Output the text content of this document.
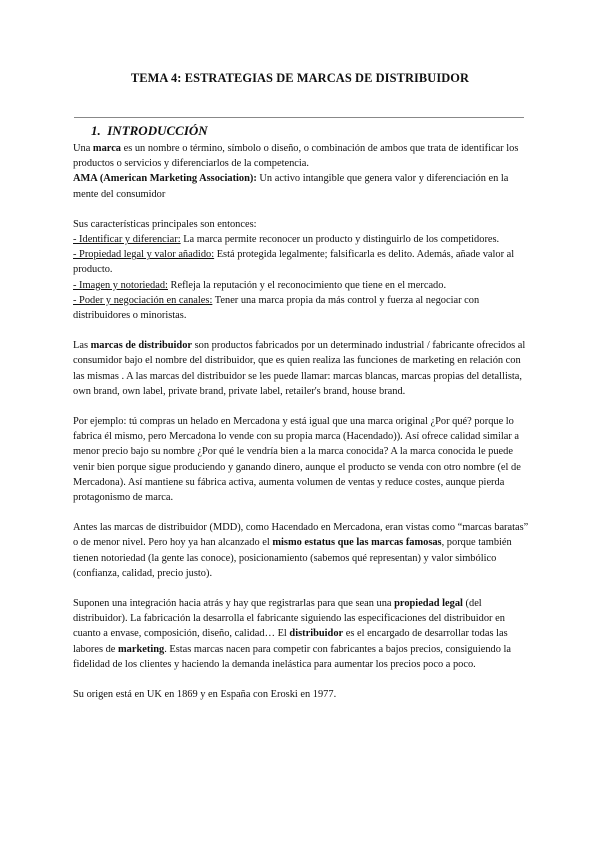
TEMA 4: ESTRATEGIAS DE MARCAS DE DISTRIBUIDOR
1. INTRODUCCIÓN

Una marca es un nombre o término, símbolo o diseño, o combinación de ambos que trata de identificar los productos o servicios y diferenciarlos de la competencia.

AMA (American Marketing Association): Un activo intangible que genera valor y diferenciación en la mente del consumidor

Sus características principales son entonces:

- Identificar y diferenciar: La marca permite reconocer un producto y distinguirlo de los competidores.

- Propiedad legal y valor añadido: Está protegida legalmente; falsificarla es delito. Además, añade valor al producto.

- Imagen y notoriedad: Refleja la reputación y el reconocimiento que tiene en el mercado.

- Poder y negociación en canales: Tener una marca propia da más control y fuerza al negociar con distribuidores o minoristas.

Las marcas de distribuidor son productos fabricados por un determinado industrial / fabricante ofrecidos al consumidor bajo el nombre del distribuidor, que es quien realiza las funciones de marketing en relación con las mismas . A las marcas del distribuidor se les puede llamar: marcas blancas, marcas propias del detallista, own brand, own label, private brand, private label, retailer's brand, house brand.

Por ejemplo: tú compras un helado en Mercadona y está igual que una marca original ¿Por qué? porque lo fabrica él mismo, pero Mercadona lo vende con su propia marca (Hacendado)). Así ofrece calidad similar a menor precio bajo su nombre ¿Por qué le vendría bien a la marca conocida? A la marca conocida le puede venir bien porque sigue produciendo y ganando dinero, aunque el producto se venda con otro nombre (el de Mercadona). Así mantiene su fábrica activa, aumenta volumen de ventas y reduce costes, aunque pierda protagonismo de marca.

Antes las marcas de distribuidor (MDD), como Hacendado en Mercadona, eran vistas como “marcas baratas” o de menor nivel. Pero hoy ya han alcanzado el mismo estatus que las marcas famosas, porque también tienen notoriedad (la gente las conoce), posicionamiento (sabemos qué representan) y valor simbólico (confianza, calidad, precio justo).

Suponen una integración hacia atrás y hay que registrarlas para que sean una propiedad legal (del distribuidor). La fabricación la desarrolla el fabricante siguiendo las especificaciones del distribuidor en cuanto a envase, composición, diseño, calidad… El distribuidor es el encargado de desarrollar todas las labores de marketing. Estas marcas nacen para competir con fabricantes a bajos precios, consiguiendo la fidelidad de los clientes y haciendo la demanda inelástica para aumentar los precios poco a poco.

Su origen está en UK en 1869 y en España con Eroski en 1977.
